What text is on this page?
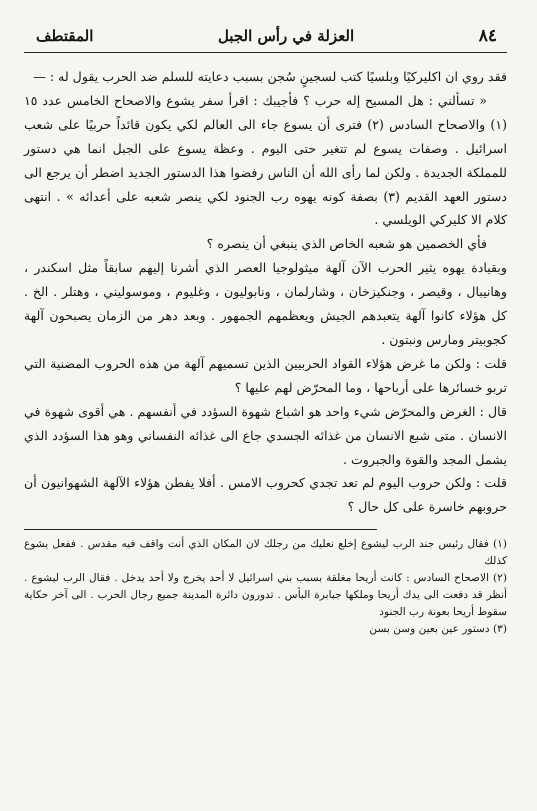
٨٤
العزلة في رأس الجبل
المقتطف

فقد روي ان اكليركيًا وبلسيًا كتب لسجينٍ سُجن بسبب دعايته للسلم ضد الحرب يقول له : —

« تسألني : هل المسيح إله حرب ؟ فأجيبك : اقرأ سفر يشوع والاصحاح الخامس عدد ١٥ (١) والاصحاح السادس (٢) فترى أن يسوع جاء الى العالم لكي يكون قائداً حربيًا على شعب اسرائيل . وصفات يسوع لم تتغير حتى اليوم . وعظة يسوع على الجبل انما هي دستور للمملكة الجديدة . ولكن لما رأى الله أن الناس رفضوا هذا الدستور الجديد اضطر أن يرجع الى دستور العهد القديم (٣) بصفة كونه يهوه رب الجنود لكي ينصر شعبه على أعدائه » . انتهى كلام الا كليركي الويلسي .

فأي الخصمين هو شعبه الخاص الذي ينبغي أن ينصره ؟

وبقيادة يهوه يثير الحرب الآن آلهة ميثولوجيا العصر الذي أشرنا إليهم سابقاً مثل اسكندر ، وهانيبال ، وقيصر ، وجنكيزخان ، وشارلمان ، ونابوليون ، وغليوم ، وموسوليني ، وهتلر . الخ . كل هؤلاء كانوا آلهة يتعبدهم الجيش ويعظمهم الجمهور . وبعد دهر من الزمان يصبحون آلهة كجوبيتر ومارس ونبتون .

قلت : ولكن ما غرض هؤلاء القواد الحربيين الذين تسميهم آلهة من هذه الحروب المضنية التي تربو خسائرها على أرباحها ، وما المحرّض لهم عليها ؟

قال : الغرض والمحرّض شيء واحد هو اشباع شهوة السؤدد في أنفسهم . هي أقوى شهوة في الانسان . متى شبع الانسان من غذائه الجسدي جاع الى غذائه النفساني وهو هذا السؤدد الذي يشمل المجد والقوة والجبروت .

قلت : ولكن حروب اليوم لم تعد تجدي كحروب الامس . أفلا يفطن هؤلاء الآلهة الشهوانيون أن حروبهم خاسرة على كل حال ؟

(١) فقال رئيس جند الرب ليشوع إخلع نعليك من رجلك لان المكان الذي أنت واقف فيه مقدس . ففعل يشوع كذلك

(٢) الاصحاح السادس : كانت أريحا مغلقة بسبب بني اسرائيل لا أحد يخرج ولا أحد يدخل . فقال الرب ليشوع . أنظر قد دفعت الى يدك أريحا وملكها جبابرة البأس . تدورون دائرة المدينة جميع رجال الحرب . الى آخر حكاية سقوط أريحا بعونة رب الجنود

(٣) دستور عين بعين وسن بسن
